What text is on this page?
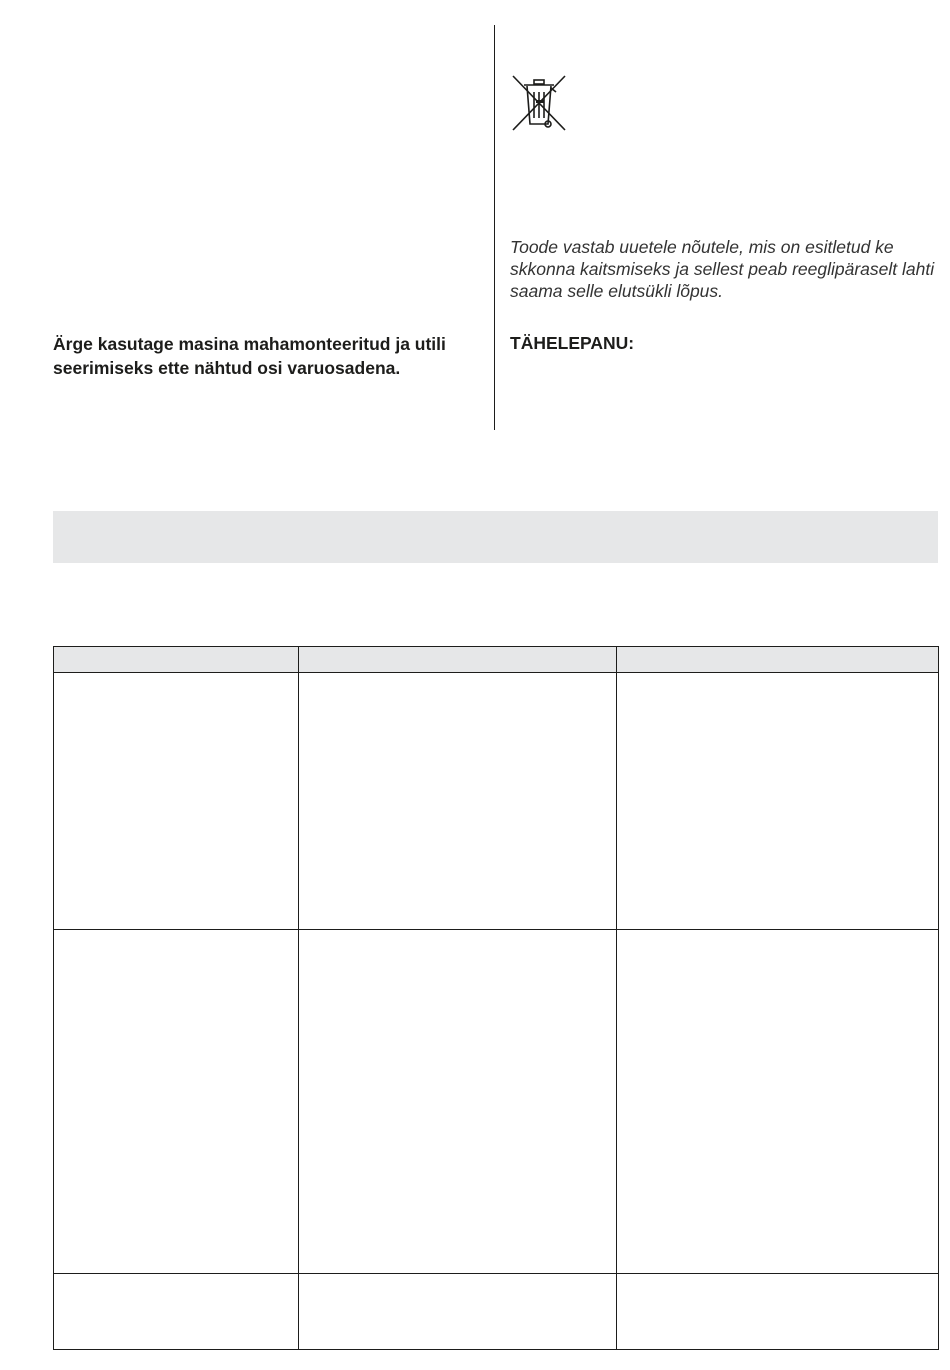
Toode vastab uuetele nõutele, mis on esitletud ke skkonna kaitsmiseks ja sellest peab reeglipäraselt lahti saama selle elutsükli lõpus.
Ärge kasutage masina mahamonteeritud ja utili seerimiseks ette nähtud osi varuosadena.
TÄHELEPANU:
